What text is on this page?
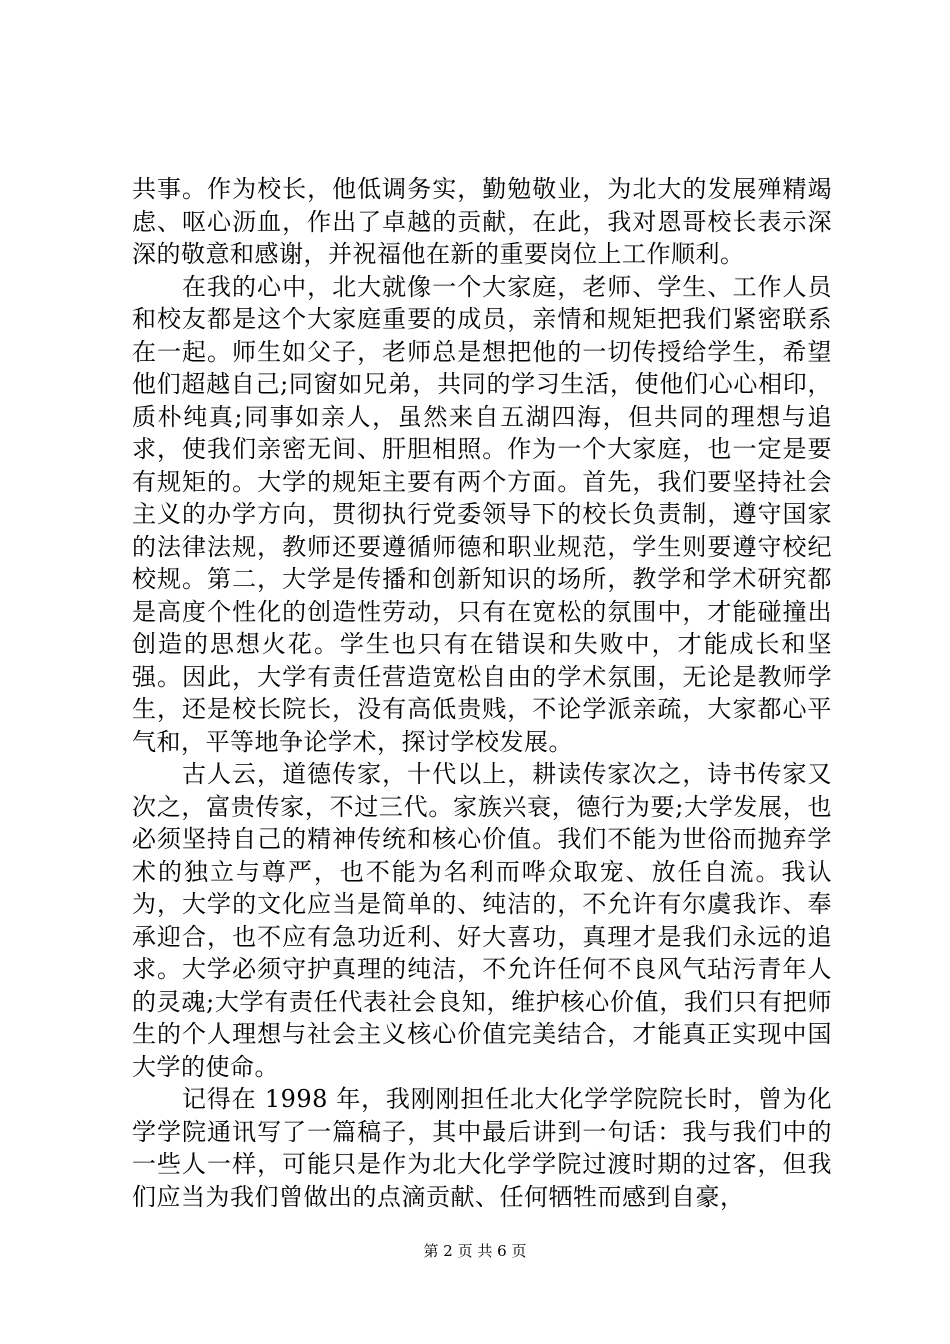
共事。作为校长，他低调务实，勤勉敬业，为北大的发展殚精竭虑、呕心沥血，作出了卓越的贡献，在此，我对恩哥校长表示深深的敬意和感谢，并祝福他在新的重要岗位上工作顺利。

在我的心中，北大就像一个大家庭，老师、学生、工作人员和校友都是这个大家庭重要的成员，亲情和规矩把我们紧密联系在一起。师生如父子，老师总是想把他的一切传授给学生，希望他们超越自己;同窗如兄弟，共同的学习生活，使他们心心相印，质朴纯真;同事如亲人，虽然来自五湖四海，但共同的理想与追求，使我们亲密无间、肝胆相照。作为一个大家庭，也一定是要有规矩的。大学的规矩主要有两个方面。首先，我们要坚持社会主义的办学方向，贯彻执行党委领导下的校长负责制，遵守国家的法律法规，教师还要遵循师德和职业规范，学生则要遵守校纪校规。第二，大学是传播和创新知识的场所，教学和学术研究都是高度个性化的创造性劳动，只有在宽松的氛围中，才能碰撞出创造的思想火花。学生也只有在错误和失败中，才能成长和坚强。因此，大学有责任营造宽松自由的学术氛围，无论是教师学生，还是校长院长，没有高低贵贱，不论学派亲疏，大家都心平气和，平等地争论学术，探讨学校发展。

古人云，道德传家，十代以上，耕读传家次之，诗书传家又次之，富贵传家，不过三代。家族兴衰，德行为要;大学发展，也必须坚持自己的精神传统和核心价值。我们不能为世俗而抛弃学术的独立与尊严，也不能为名利而哗众取宠、放任自流。我认为，大学的文化应当是简单的、纯洁的，不允许有尔虞我诈、奉承迎合，也不应有急功近利、好大喜功，真理才是我们永远的追求。大学必须守护真理的纯洁，不允许任何不良风气玷污青年人的灵魂;大学有责任代表社会良知，维护核心价值，我们只有把师生的个人理想与社会主义核心价值完美结合，才能真正实现中国大学的使命。

记得在 1998 年，我刚刚担任北大化学学院院长时，曾为化学学院通讯写了一篇稿子，其中最后讲到一句话：我与我们中的一些人一样，可能只是作为北大化学学院过渡时期的过客，但我们应当为我们曾做出的点滴贡献、任何牺牲而感到自豪，

第 2 页 共 6 页
